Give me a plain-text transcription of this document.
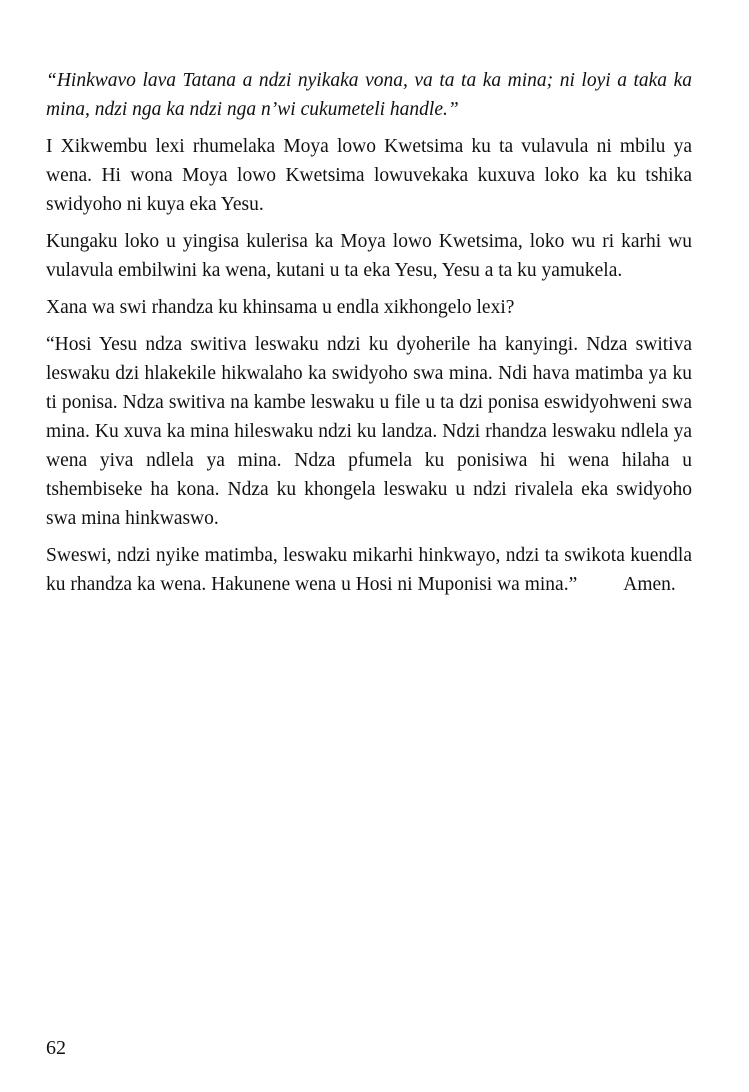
“Hinkwavo lava Tatana a ndzi nyikaka vona, va ta ta ka mina; ni loyi a taka ka mina, ndzi nga ka ndzi nga n’wi cukumeteli handle.”

I Xikwembu lexi rhumelaka Moya lowo Kwetsima ku ta vulavula ni mbilu ya wena. Hi wona Moya lowo Kwetsima lowuvekaka kuxuva loko ka ku tshika swidyoho ni kuya eka Yesu.

Kungaku loko u yingisa kulerisa ka Moya lowo Kwetsima, loko wu ri karhi wu vulavula embilwini ka wena, kutani u ta eka Yesu, Yesu a ta ku yamukela.

Xana wa swi rhandza ku khinsama u endla xikhongelo lexi?

“Hosi Yesu ndza switiva leswaku ndzi ku dyoherile ha kanyingi. Ndza switiva leswaku dzi hlakekile hikwalaho ka swidyoho swa mina. Ndi hava matimba ya ku ti ponisa. Ndza switiva na kambe leswaku u file u ta dzi ponisa eswidyohweni swa mina. Ku xuva ka mina hileswaku ndzi ku landza. Ndzi rhandza leswaku ndlela ya wena yiva ndlela ya mina. Ndza pfumela ku ponisiwa hi wena hilaha u tshembiseke ha kona. Ndza ku khongela leswaku u ndzi rivalela eka swidyoho swa mina hinkwaswo.

Sweswi, ndzi nyike matimba, leswaku mikarhi hinkwayo, ndzi ta swikota kuendla ku rhandza ka wena. Hakunene wena u Hosi ni Muponisi wa mina.” Amen.

62
